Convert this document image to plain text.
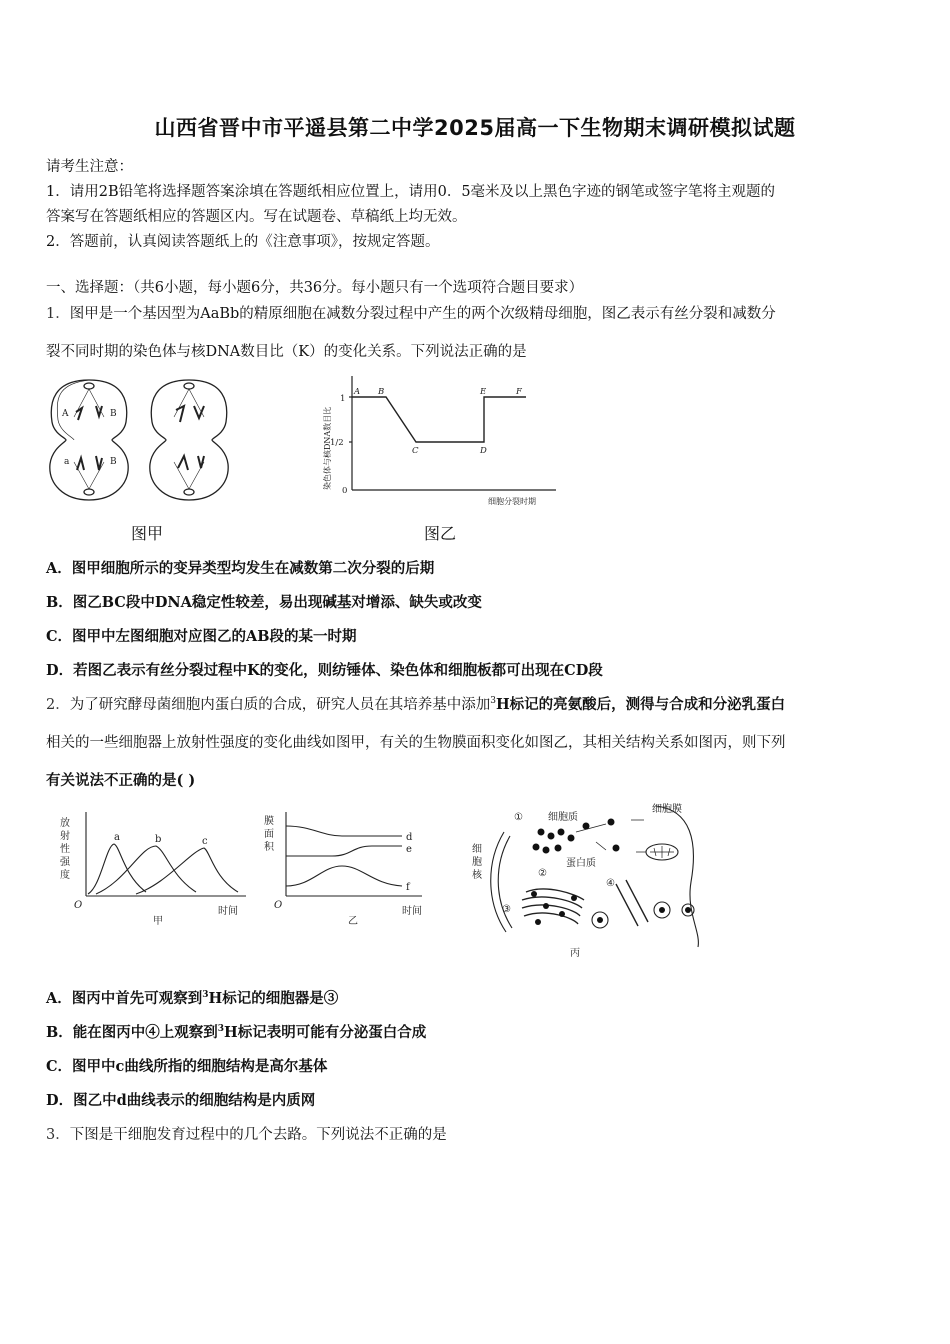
山西省晋中市平遥县第二中学2025届高一下生物期末调研模拟试题
请考生注意：
1．请用2B铅笔将选择题答案涂填在答题纸相应位置上，请用0．5毫米及以上黑色字迹的钢笔或签字笔将主观题的
答案写在答题纸相应的答题区内。写在试题卷、草稿纸上均无效。
2．答题前，认真阅读答题纸上的《注意事项》，按规定答题。
一、选择题：（共6小题，每小题6分，共36分。每小题只有一个选项符合题目要求）
1．图甲是一个基因型为AaBb的精原细胞在减数分裂过程中产生的两个次级精母细胞，图乙表示有丝分裂和减数分
裂不同时期的染色体与核DNA数目比（K）的变化关系。下列说法正确的是
A	B
a	B
图甲
1
1/2
0
A B
C	D
E	F
细胞分裂时期
染色体与核DNA数目比
图乙
A．图甲细胞所示的变异类型均发生在减数第二次分裂的后期
B．图乙BC段中DNA稳定性较差，易出现碱基对增添、缺失或改变
C．图甲中左图细胞对应图乙的AB段的某一时期
D．若图乙表示有丝分裂过程中K的变化，则纺锤体、染色体和细胞板都可出现在CD段
2．为了研究酵母菌细胞内蛋白质的合成，研究人员在其培养基中添加$^3$H标记的亮氨酸后，测得与合成和分泌乳蛋白
相关的一些细胞器上放射性强度的变化曲线如图甲，有关的生物膜面积变化如图乙，其相关结构关系如图丙，则下列
有关说法不正确的是( )
a	b	c
O
时间
甲
放射性强度
d
e
f
O
时间
乙
膜面积
①	细胞质
细胞膜
蛋白质
②
③
④
丙
细胞核
A．图丙中首先可观察到$^3$H标记的细胞器是③
B．能在图丙中④上观察到$^3$H标记表明可能有分泌蛋白合成
C．图甲中c曲线所指的细胞结构是高尔基体
D．图乙中d曲线表示的细胞结构是内质网
3．下图是干细胞发育过程中的几个去路。下列说法不正确的是
